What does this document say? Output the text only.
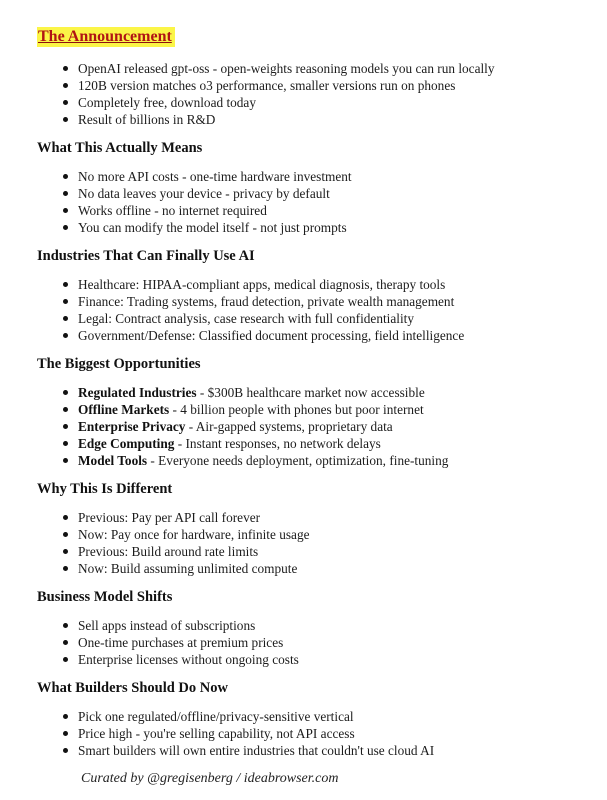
The Announcement
OpenAI released gpt-oss - open-weights reasoning models you can run locally
120B version matches o3 performance, smaller versions run on phones
Completely free, download today
Result of billions in R&D
What This Actually Means
No more API costs - one-time hardware investment
No data leaves your device - privacy by default
Works offline - no internet required
You can modify the model itself - not just prompts
Industries That Can Finally Use AI
Healthcare: HIPAA-compliant apps, medical diagnosis, therapy tools
Finance: Trading systems, fraud detection, private wealth management
Legal: Contract analysis, case research with full confidentiality
Government/Defense: Classified document processing, field intelligence
The Biggest Opportunities
Regulated Industries - $300B healthcare market now accessible
Offline Markets - 4 billion people with phones but poor internet
Enterprise Privacy - Air-gapped systems, proprietary data
Edge Computing - Instant responses, no network delays
Model Tools - Everyone needs deployment, optimization, fine-tuning
Why This Is Different
Previous: Pay per API call forever
Now: Pay once for hardware, infinite usage
Previous: Build around rate limits
Now: Build assuming unlimited compute
Business Model Shifts
Sell apps instead of subscriptions
One-time purchases at premium prices
Enterprise licenses without ongoing costs
What Builders Should Do Now
Pick one regulated/offline/privacy-sensitive vertical
Price high - you're selling capability, not API access
Smart builders will own entire industries that couldn't use cloud AI

Curated by @gregisenberg / ideabrowser.com
